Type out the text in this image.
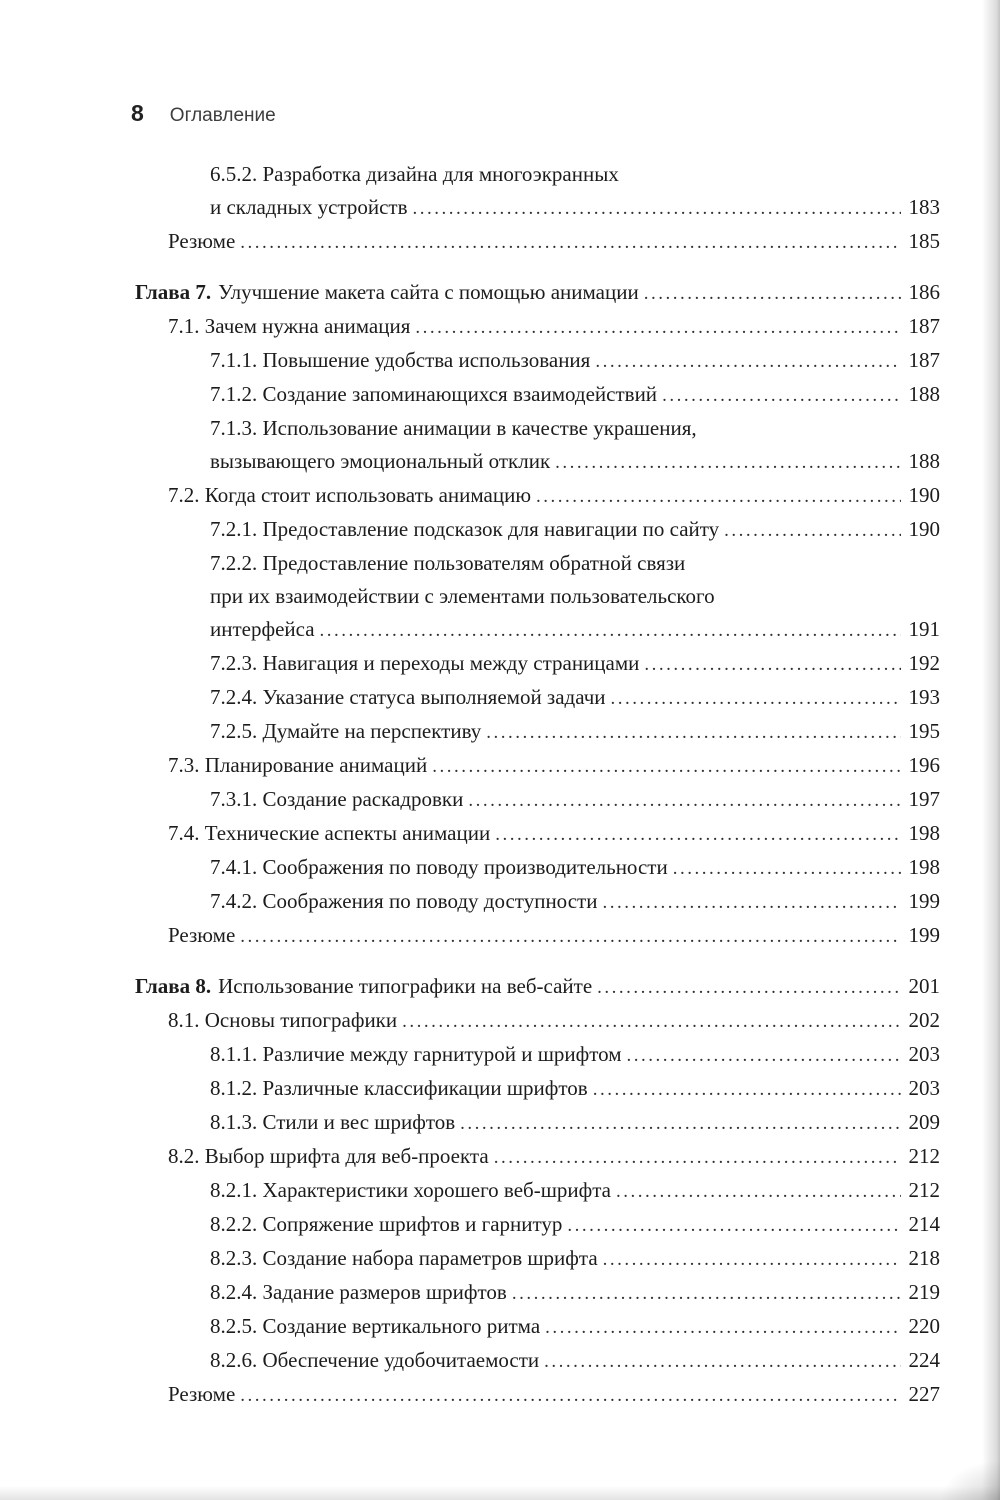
8 Оглавление
6.5.2. Разработка дизайна для многоэкранных
и складных устройств .....	183
Резюме .....	185
Глава 7. Улучшение макета сайта с помощью анимации .....	186
7.1. Зачем нужна анимация .....	187
7.1.1. Повышение удобства использования .....	187
7.1.2. Создание запоминающихся взаимодействий .....	188
7.1.3. Использование анимации в качестве украшения,
вызывающего эмоциональный отклик .....	188
7.2. Когда стоит использовать анимацию .....	190
7.2.1. Предоставление подсказок для навигации по сайту .....	190
7.2.2. Предоставление пользователям обратной связи
при их взаимодействии с элементами пользовательского
интерфейса .....	191
7.2.3. Навигация и переходы между страницами .....	192
7.2.4. Указание статуса выполняемой задачи .....	193
7.2.5. Думайте на перспективу .....	195
7.3. Планирование анимаций .....	196
7.3.1. Создание раскадровки .....	197
7.4. Технические аспекты анимации .....	198
7.4.1. Соображения по поводу производительности .....	198
7.4.2. Соображения по поводу доступности .....	199
Резюме .....	199
Глава 8. Использование типографики на веб-сайте .....	201
8.1. Основы типографики .....	202
8.1.1. Различие между гарнитурой и шрифтом .....	203
8.1.2. Различные классификации шрифтов .....	203
8.1.3. Стили и вес шрифтов .....	209
8.2. Выбор шрифта для веб-проекта .....	212
8.2.1. Характеристики хорошего веб-шрифта .....	212
8.2.2. Сопряжение шрифтов и гарнитур .....	214
8.2.3. Создание набора параметров шрифта .....	218
8.2.4. Задание размеров шрифтов .....	219
8.2.5. Создание вертикального ритма .....	220
8.2.6. Обеспечение удобочитаемости .....	224
Резюме .....	227
